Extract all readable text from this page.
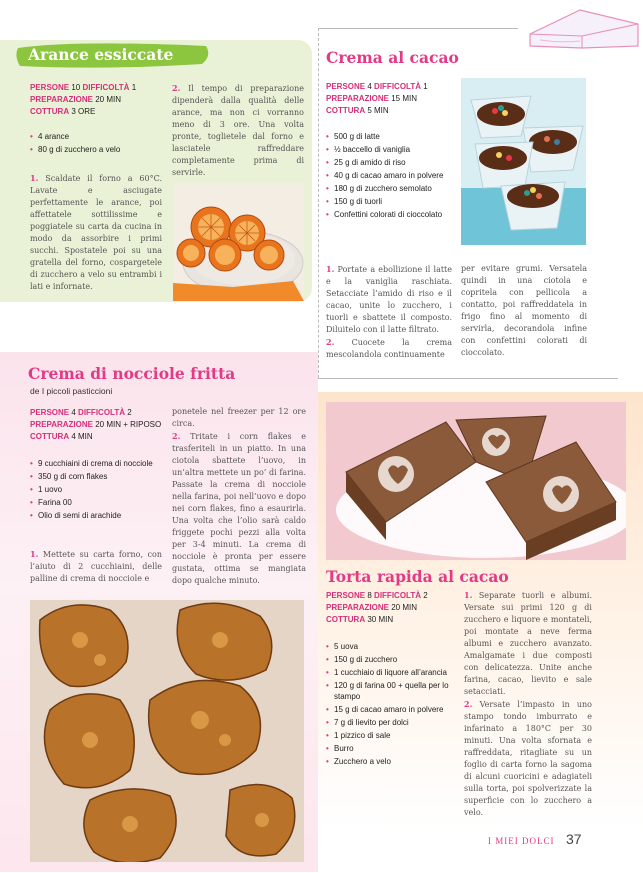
Arance essiccate
PERSONE 10 DIFFICOLTÀ 1
PREPARAZIONE 20 MIN
COTTURA 3 ORE
• 4 arance
• 80 g di zucchero a velo

1. Scaldate il forno a 60°C. Lavate e asciugate perfettamente le arance, poi affettatele sottilissime e poggiatele su carta da cucina in modo da assorbire i primi succhi. Spostatele poi su una gratella del forno, cospargetele di zucchero a velo su entrambi i lati e infornate.

2. Il tempo di preparazione dipenderà dalla qualità delle arance, ma non ci vorranno meno di 3 ore. Una volta pronte, toglietele dal forno e lasciatele raffreddare completamente prima di servirle.

Crema al cacao
PERSONE 4 DIFFICOLTÀ 1
PREPARAZIONE 15 MIN
COTTURA 5 MIN
• 500 g di latte
• ½ baccello di vaniglia
• 25 g di amido di riso
• 40 g di cacao amaro in polvere
• 180 g di zucchero semolato
• 150 g di tuorli
• Confettini colorati di cioccolato

1. Portate a ebollizione il latte e la vaniglia raschiata. Setacciate l’amido di riso e il cacao, unite lo zucchero, i tuorli e sbattete il composto. Diluitelo con il latte filtrato.

2. Cuocete la crema mescolandola continuamente

per evitare grumi. Versatela quindi in una ciotola e copritela con pellicola a contatto, poi raffreddatela in frigo fino al momento di servirla, decorandola infine con confettini colorati di cioccolato.

Crema di nocciole fritta
de I piccoli pasticcioni
PERSONE 4 DIFFICOLTÀ 2
PREPARAZIONE 20 MIN + RIPOSO
COTTURA 4 MIN
• 9 cucchiaini di crema di nocciole
• 350 g di corn flakes
• 1 uovo
• Farina 00
• Olio di semi di arachide

1. Mettete su carta forno, con l’aiuto di 2 cucchiaini, delle palline di crema di nocciole e

ponetele nel freezer per 12 ore circa.

2. Tritate i corn flakes e trasferiteli in un piatto. In una ciotola sbattete l’uovo, in un’altra mettete un po’ di farina. Passate la crema di nocciole nella farina, poi nell’uovo e dopo nei corn flakes, fino a esaurirla. Una volta che l’olio sarà caldo friggete pochi pezzi alla volta per 3-4 minuti. La crema di nocciole è pronta per essere gustata, ottima se mangiata dopo qualche minuto.	Torta rapida al cacao
PERSONE 8 DIFFICOLTÀ 2
PREPARAZIONE 20 MIN
COTTURA 30 MIN
• 5 uova
• 150 g di zucchero
• 1 cucchiaio di liquore all’arancia
• 120 g di farina 00 + quella per lo stampo
• 15 g di cacao amaro in polvere
• 7 g di lievito per dolci
• 1 pizzico di sale
• Burro
• Zucchero a velo

1. Separate tuorli e albumi. Versate sui primi 120 g di zucchero e liquore e montateli, poi montate a neve ferma albumi e zucchero avanzato. Amalgamate i due composti con delicatezza. Unite anche farina, cacao, lievito e sale setacciati.

2. Versate l’impasto in uno stampo tondo imburrato e infarinato a 180°C per 30 minuti. Una volta sfornata e raffreddata, ritagliate su un foglio di carta forno la sagoma di alcuni cuoricini e adagiateli sulla torta, poi spolverizzate la superficie con lo zucchero a velo.

I MIEI DOLCI 37
